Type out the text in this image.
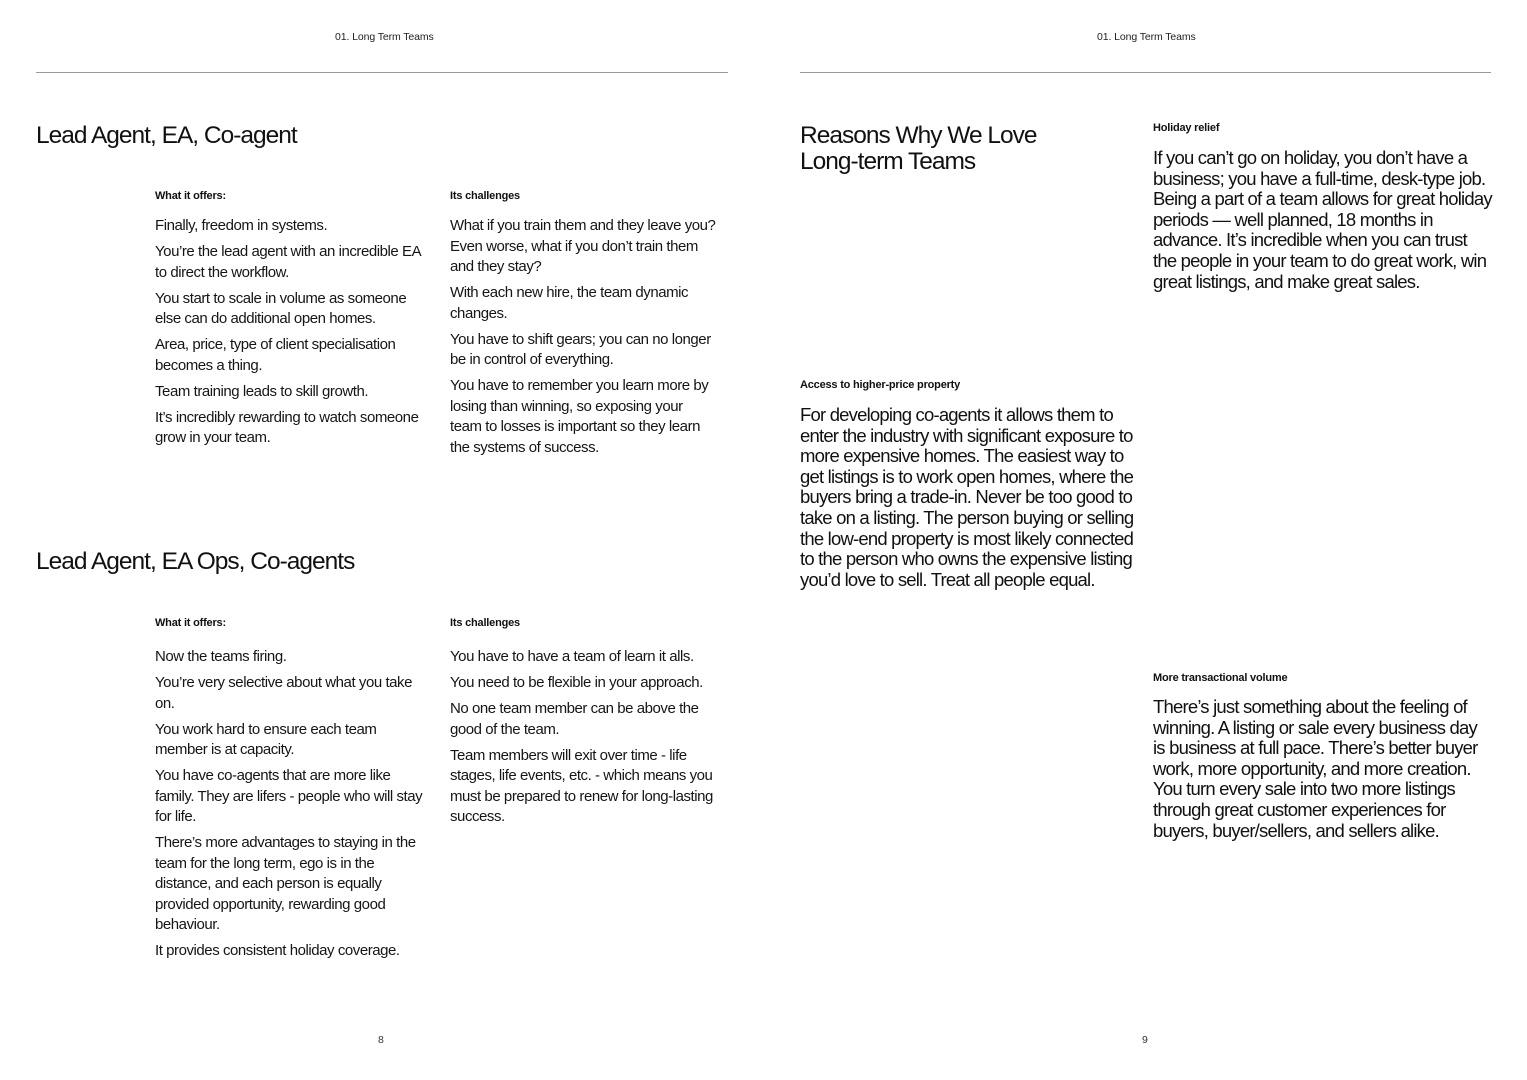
01. Long Term Teams
Lead Agent, EA, Co-agent
What it offers:

Finally, freedom in systems.

You’re the lead agent with an incredible EA to direct the workflow.

You start to scale in volume as someone else can do additional open homes.

Area, price, type of client specialisation becomes a thing.

Team training leads to skill growth.

It’s incredibly rewarding to watch someone grow in your team.

Its challenges

What if you train them and they leave you? Even worse, what if you don’t train them and they stay?

With each new hire, the team dynamic changes.

You have to shift gears; you can no longer be in control of everything.

You have to remember you learn more by losing than winning, so exposing your team to losses is important so they learn the systems of success.

Lead Agent, EA Ops, Co-agents
What it offers:

Now the teams firing.

You’re very selective about what you take on.

You work hard to ensure each team member is at capacity.

You have co-agents that are more like family. They are lifers - people who will stay for life.

There’s more advantages to staying in the team for the long term, ego is in the distance, and each person is equally provided opportunity, rewarding good behaviour.

It provides consistent holiday coverage.

Its challenges

You have to have a team of learn it alls.

You need to be flexible in your approach.

No one team member can be above the good of the team.

Team members will exit over time - life stages, life events, etc. - which means you must be prepared to renew for long-lasting success.

8
01. Long Term Teams
Reasons Why We Love
Long-term Teams
Holiday relief

If you can’t go on holiday, you don’t have a business; you have a full-time, desk-type job. Being a part of a team allows for great holiday periods — well planned, 18 months in advance. It’s incredible when you can trust the people in your team to do great work, win great listings, and make great sales.

Access to higher-price property

For developing co-agents it allows them to enter the industry with significant exposure to more expensive homes. The easiest way to get listings is to work open homes, where the buyers bring a trade-in. Never be too good to take on a listing. The person buying or selling the low-end property is most likely connected to the person who owns the expensive listing you’d love to sell. Treat all people equal.

More transactional volume

There’s just something about the feeling of winning. A listing or sale every business day is business at full pace. There’s better buyer work, more opportunity, and more creation. You turn every sale into two more listings through great customer experiences for buyers, buyer/sellers, and sellers alike.

9
